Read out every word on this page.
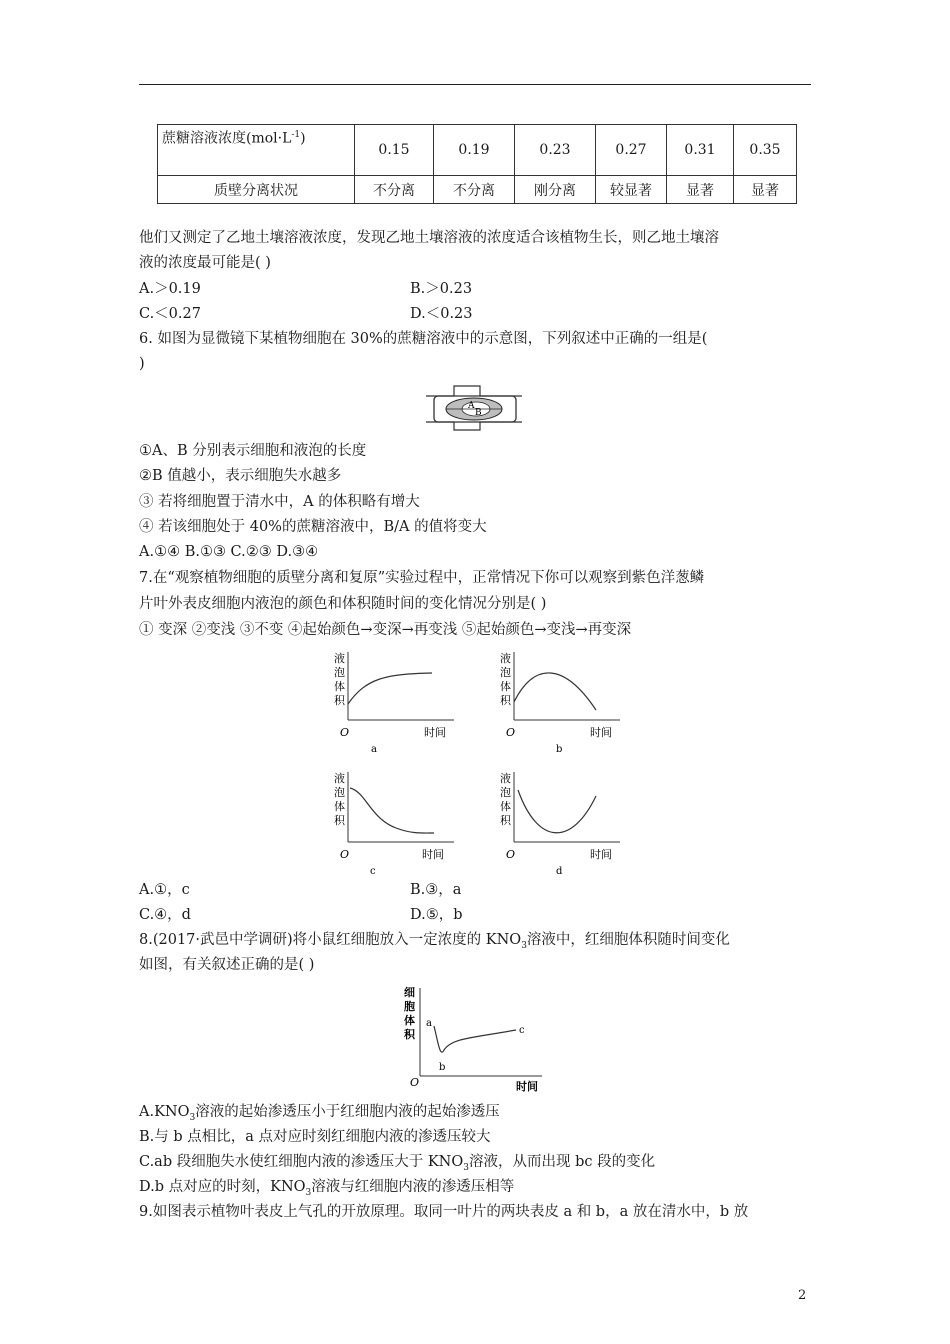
蔗糖溶液浓度$(mol\cdot L^{-1})$	0.15	0.19	0.23	0.27	0.31	0.35
质壁分离状况	不分离	不分离	刚分离	较显著	显著	显著
他们又测定了乙地土壤溶液浓度，发现乙地土壤溶液的浓度适合该植物生长，则乙地土壤溶
液的浓度最可能是( )
A.＞0.19	B.＞0.23
C.＜0.27	D.＜0.23
6. 如图为显微镜下某植物细胞在 30%的蔗糖溶液中的示意图，下列叙述中正确的一组是(
)
A
B
①A、B 分别表示细胞和液泡的长度
②B 值越小，表示细胞失水越多
③ 若将细胞置于清水中，A 的体积略有增大
④ 若该细胞处于 40%的蔗糖溶液中，B/A 的值将变大
A.①④ B.①③ C.②③ D.③④
7.在“观察植物细胞的质壁分离和复原”实验过程中，正常情况下你可以观察到紫色洋葱鳞
片叶外表皮细胞内液泡的颜色和体积随时间的变化情况分别是( )
① 变深 ②变浅 ③不变 ④起始颜色→变深→再变浅 ⑤起始颜色→变浅→再变深
液
泡
体
积
O	时间
a
液
泡
体
积
O	时间
b
液
泡
体
积
O	时间
c
液
泡
体
积
O	时间
d
A.①，c	B.③，a
C.④，d	D.⑤，b
8.(2017·武邑中学调研)将小鼠红细胞放入一定浓度的 $KNO_3$溶液中，红细胞体积随时间变化
如图，有关叙述正确的是( )
细
胞
体
积
a
b
c
O	时间
$A.KNO_3$溶液的起始渗透压小于红细胞内液的起始渗透压
B.与 b 点相比，a 点对应时刻红细胞内液的渗透压较大
C.ab 段细胞失水使红细胞内液的渗透压大于 $KNO_3$溶液，从而出现 bc 段的变化
D.b 点对应的时刻，$KNO_3$溶液与红细胞内液的渗透压相等
9.如图表示植物叶表皮上气孔的开放原理。取同一叶片的两块表皮 a 和 b，a 放在清水中，b 放
2
